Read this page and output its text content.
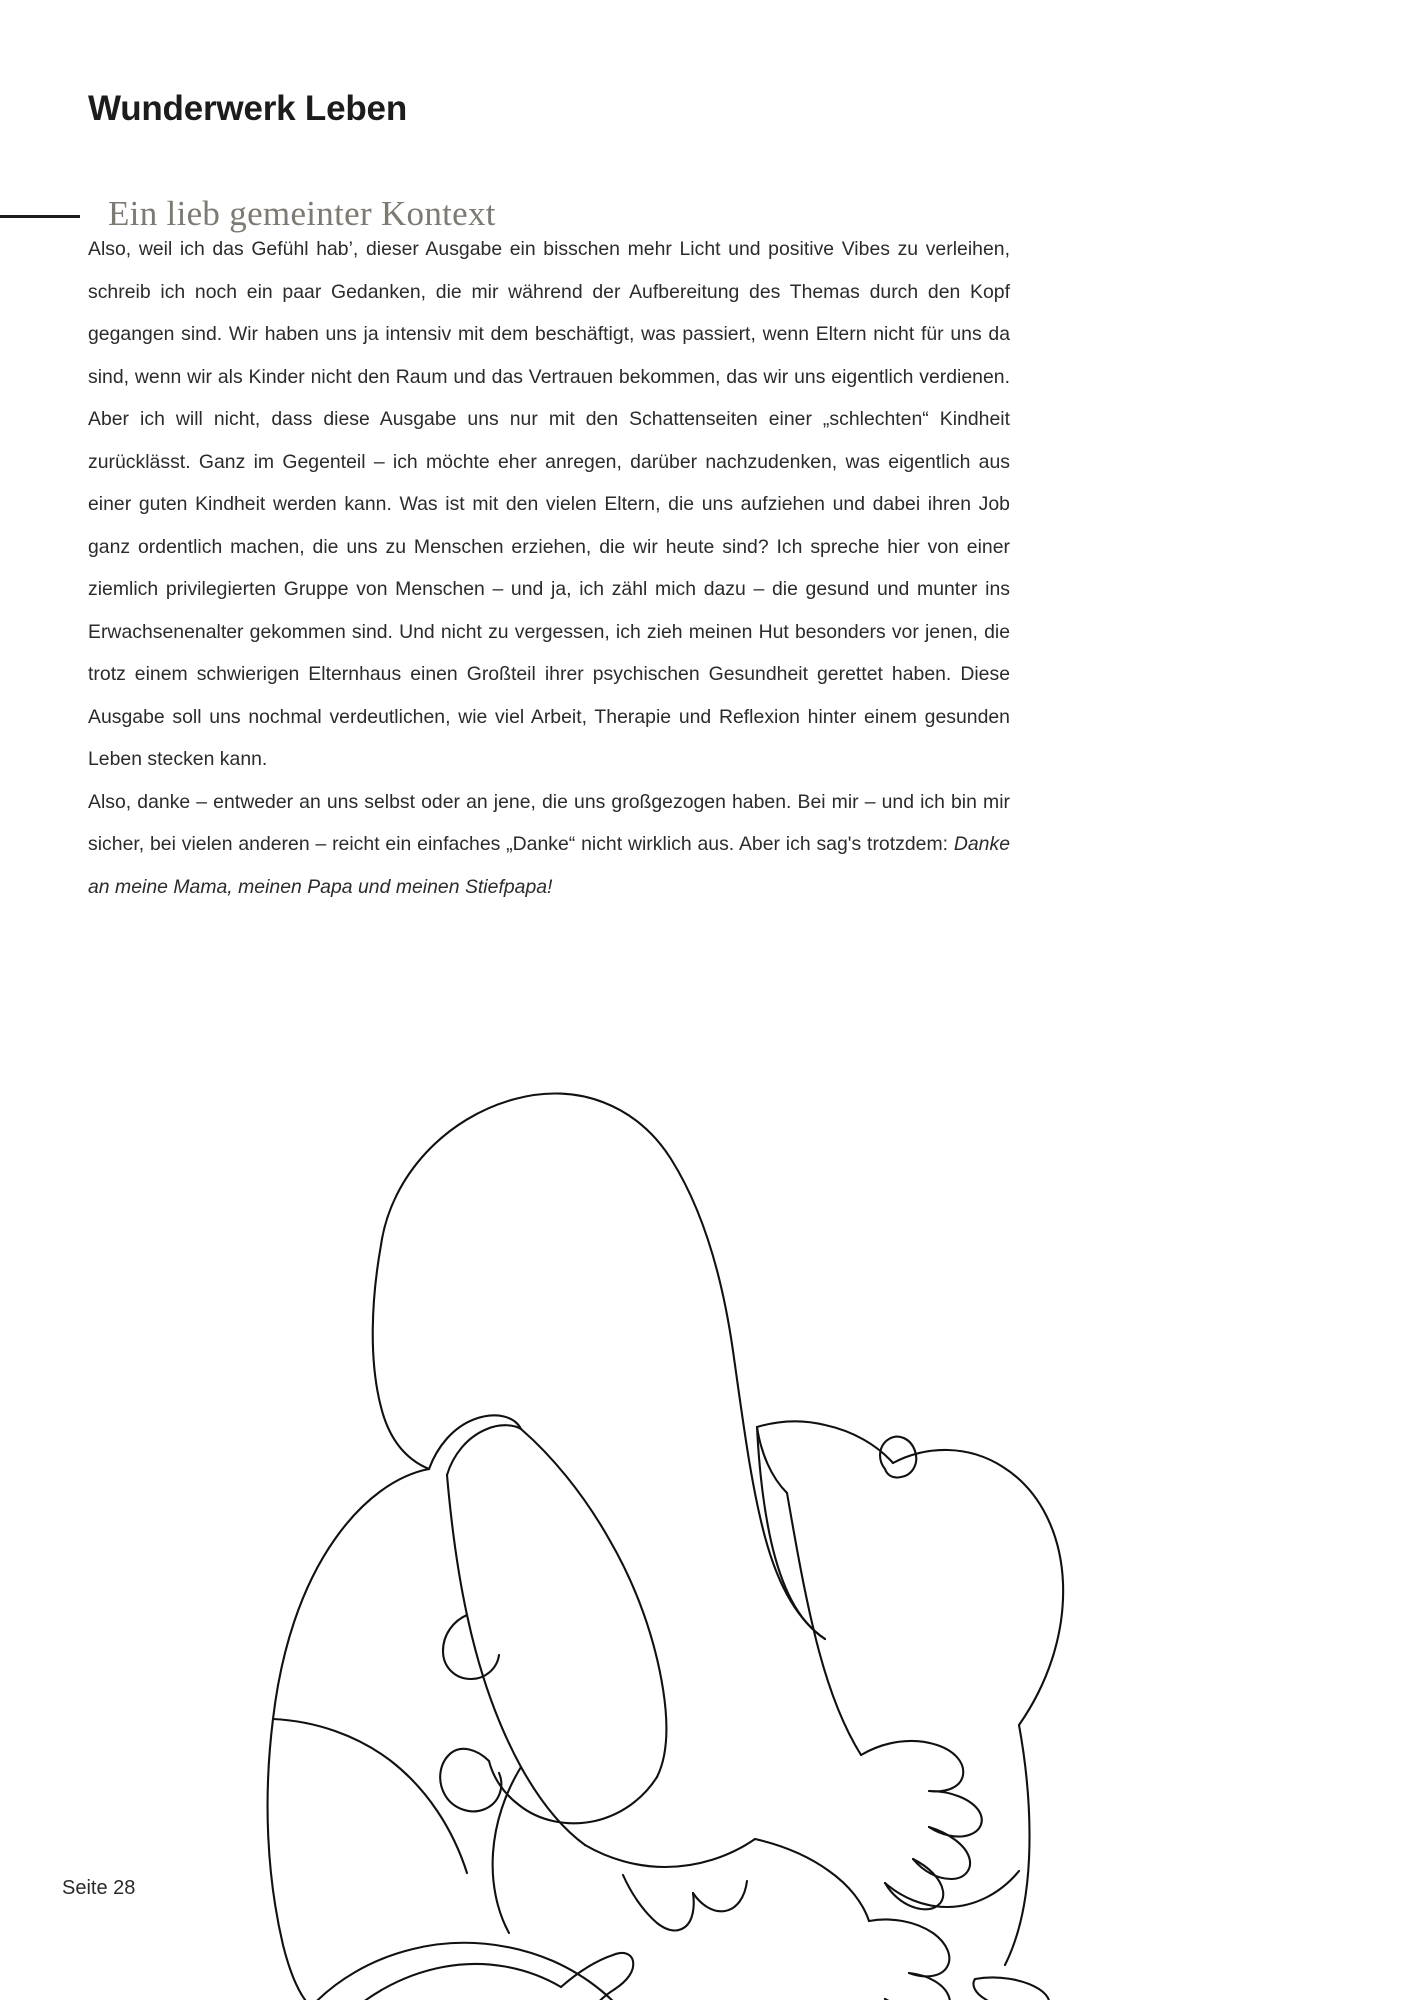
Wunderwerk Leben
Ein lieb gemeinter Kontext

Also, weil ich das Gefühl hab’, dieser Ausgabe ein bisschen mehr Licht und positive Vibes zu verleihen, schreib ich noch ein paar Gedanken, die mir während der Aufbereitung des Themas durch den Kopf gegangen sind. Wir haben uns ja intensiv mit dem beschäftigt, was passiert, wenn Eltern nicht für uns da sind, wenn wir als Kinder nicht den Raum und das Vertrauen bekommen, das wir uns eigentlich verdienen. Aber ich will nicht, dass diese Ausgabe uns nur mit den Schattenseiten einer „schlechten“ Kindheit zurücklässt. Ganz im Gegenteil – ich möchte eher anregen, darüber nachzudenken, was eigentlich aus einer guten Kindheit werden kann. Was ist mit den vielen Eltern, die uns aufziehen und dabei ihren Job ganz ordentlich machen, die uns zu Menschen erziehen, die wir heute sind? Ich spreche hier von einer ziemlich privilegierten Gruppe von Menschen – und ja, ich zähl mich dazu – die gesund und munter ins Erwachsenenalter gekommen sind. Und nicht zu vergessen, ich zieh meinen Hut besonders vor jenen, die trotz einem schwierigen Elternhaus einen Großteil ihrer psychischen Gesundheit gerettet haben. Diese Ausgabe soll uns nochmal verdeutlichen, wie viel Arbeit, Therapie und Reflexion hinter einem gesunden Leben stecken kann.

Also, danke – entweder an uns selbst oder an jene, die uns großgezogen haben. Bei mir – und ich bin mir sicher, bei vielen anderen – reicht ein einfaches „Danke“ nicht wirklich aus. Aber ich sag's trotzdem: Danke an meine Mama, meinen Papa und meinen Stiefpapa!

Seite 28
